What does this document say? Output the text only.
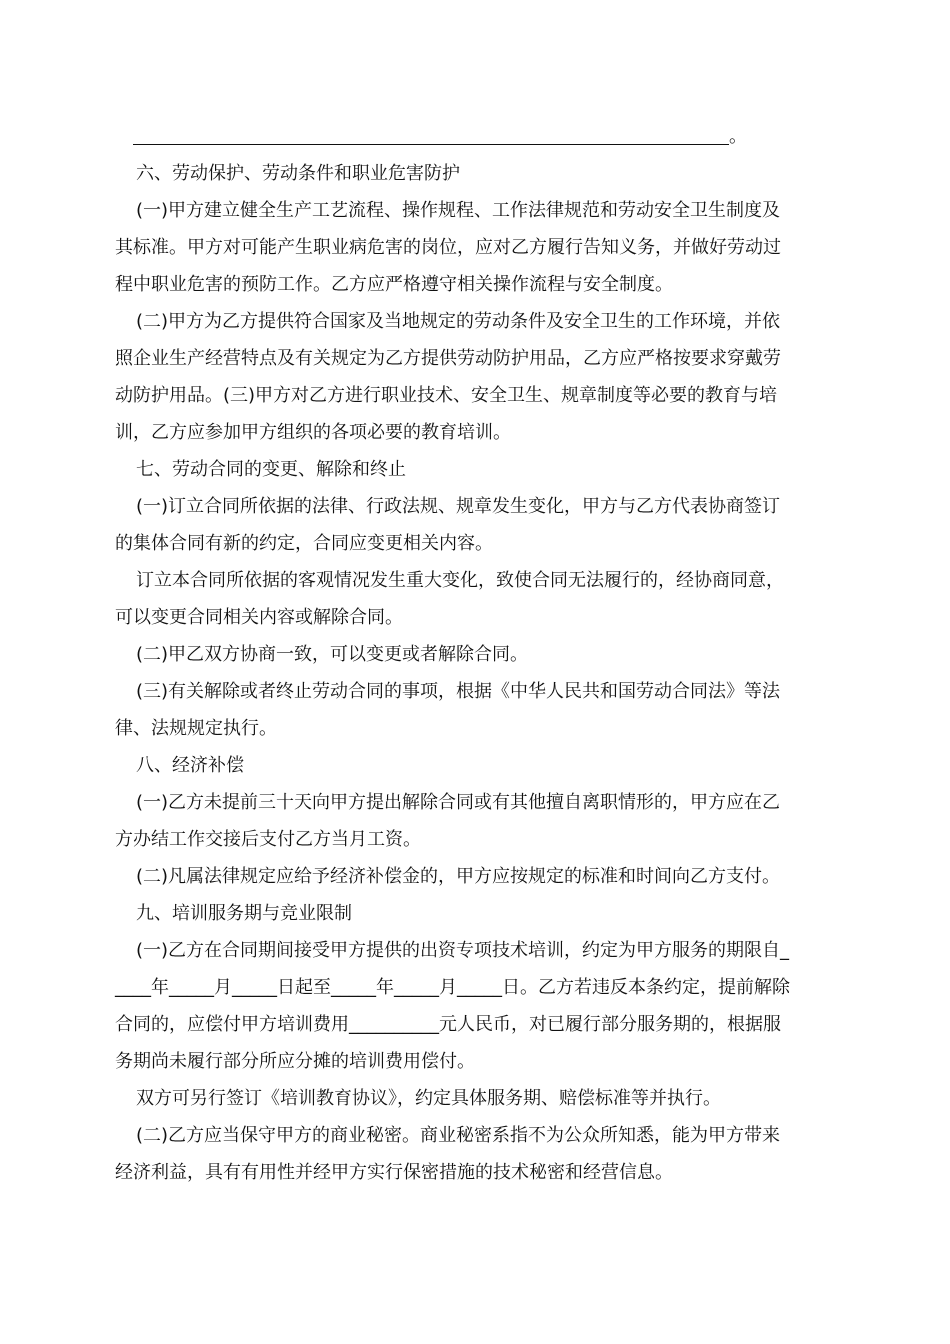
。
六、劳动保护、劳动条件和职业危害防护
(一)甲方建立健全生产工艺流程、操作规程、工作法律规范和劳动安全卫生制度及
其标准。甲方对可能产生职业病危害的岗位，应对乙方履行告知义务，并做好劳动过
程中职业危害的预防工作。乙方应严格遵守相关操作流程与安全制度。
(二)甲方为乙方提供符合国家及当地规定的劳动条件及安全卫生的工作环境，并依
照企业生产经营特点及有关规定为乙方提供劳动防护用品，乙方应严格按要求穿戴劳
动防护用品。(三)甲方对乙方进行职业技术、安全卫生、规章制度等必要的教育与培
训，乙方应参加甲方组织的各项必要的教育培训。
七、劳动合同的变更、解除和终止
(一)订立合同所依据的法律、行政法规、规章发生变化，甲方与乙方代表协商签订
的集体合同有新的约定，合同应变更相关内容。
订立本合同所依据的客观情况发生重大变化，致使合同无法履行的，经协商同意，
可以变更合同相关内容或解除合同。
(二)甲乙双方协商一致，可以变更或者解除合同。
(三)有关解除或者终止劳动合同的事项，根据《中华人民共和国劳动合同法》等法
律、法规规定执行。
八、经济补偿
(一)乙方未提前三十天向甲方提出解除合同或有其他擅自离职情形的，甲方应在乙
方办结工作交接后支付乙方当月工资。
(二)凡属法律规定应给予经济补偿金的，甲方应按规定的标准和时间向乙方支付。
九、培训服务期与竞业限制
(一)乙方在合同期间接受甲方提供的出资专项技术培训，约定为甲方服务的期限自_
____年_____月_____日起至_____年_____月_____日。乙方若违反本条约定，提前解除
合同的，应偿付甲方培训费用__________元人民币，对已履行部分服务期的，根据服
务期尚未履行部分所应分摊的培训费用偿付。
双方可另行签订《培训教育协议》，约定具体服务期、赔偿标准等并执行。
(二)乙方应当保守甲方的商业秘密。商业秘密系指不为公众所知悉，能为甲方带来
经济利益，具有有用性并经甲方实行保密措施的技术秘密和经营信息。
